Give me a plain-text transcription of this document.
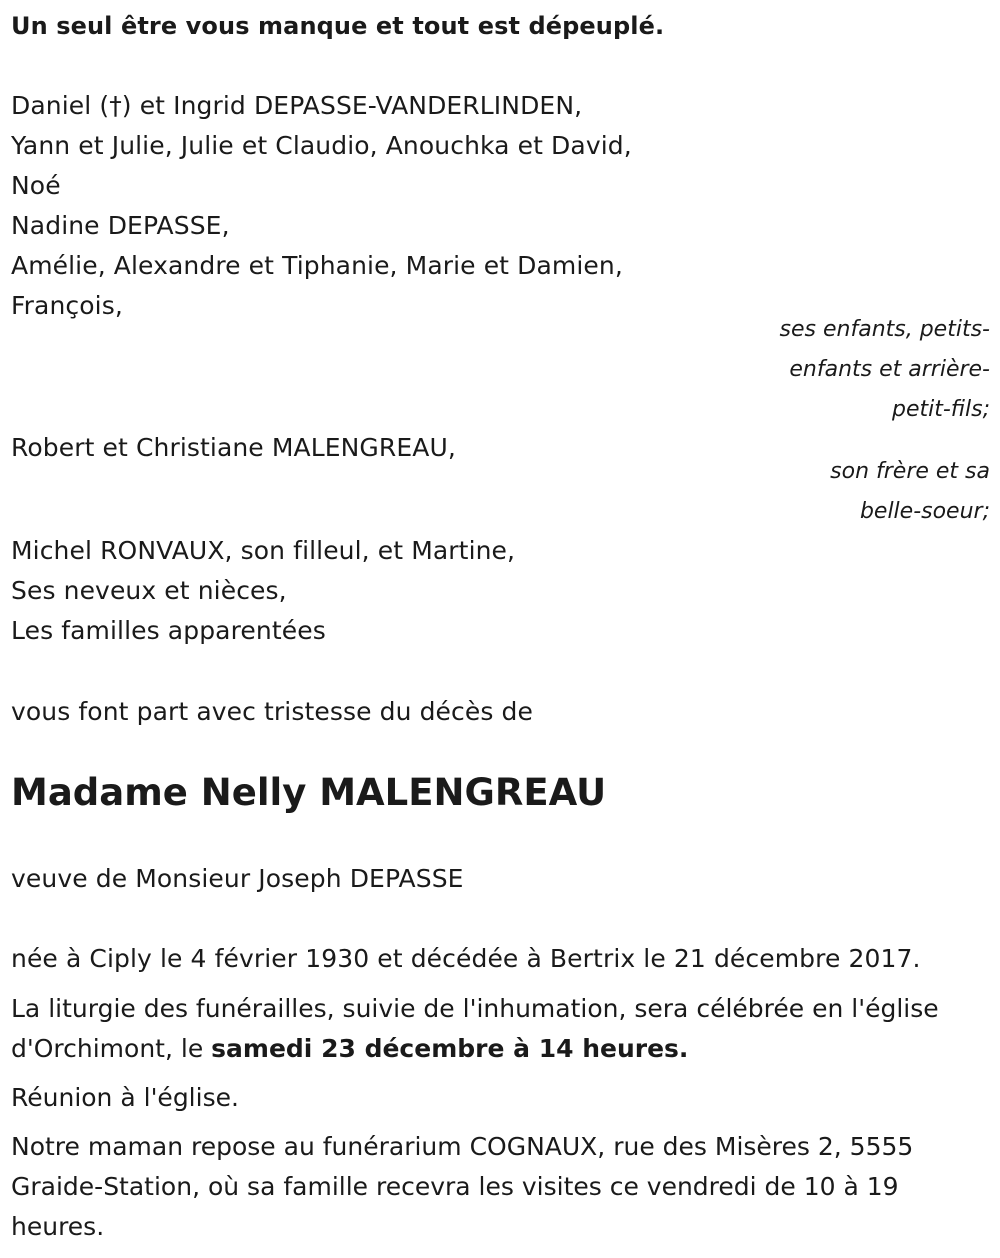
Un seul être vous manque et tout est dépeuplé.
Daniel (†) et Ingrid DEPASSE-VANDERLINDEN,
Yann et Julie, Julie et Claudio, Anouchka et David,
Noé
Nadine DEPASSE,
Amélie, Alexandre et Tiphanie, Marie et Damien,
François,
ses enfants, petits-
enfants et arrière-
petit-fils;
Robert et Christiane MALENGREAU,
son frère et sa
belle-soeur;
Michel RONVAUX, son filleul, et Martine,
Ses neveux et nièces,
Les familles apparentées
vous font part avec tristesse du décès de
Madame Nelly MALENGREAU
veuve de Monsieur Joseph DEPASSE
née à Ciply le 4 février 1930 et décédée à Bertrix le 21 décembre 2017.
La liturgie des funérailles, suivie de l'inhumation, sera célébrée en l'église d'Orchimont, le samedi 23 décembre à 14 heures.
Réunion à l'église.
Notre maman repose au funérarium COGNAUX, rue des Misères 2, 5555 Graide-Station, où sa famille recevra les visites ce vendredi de 10 à 19 heures.
